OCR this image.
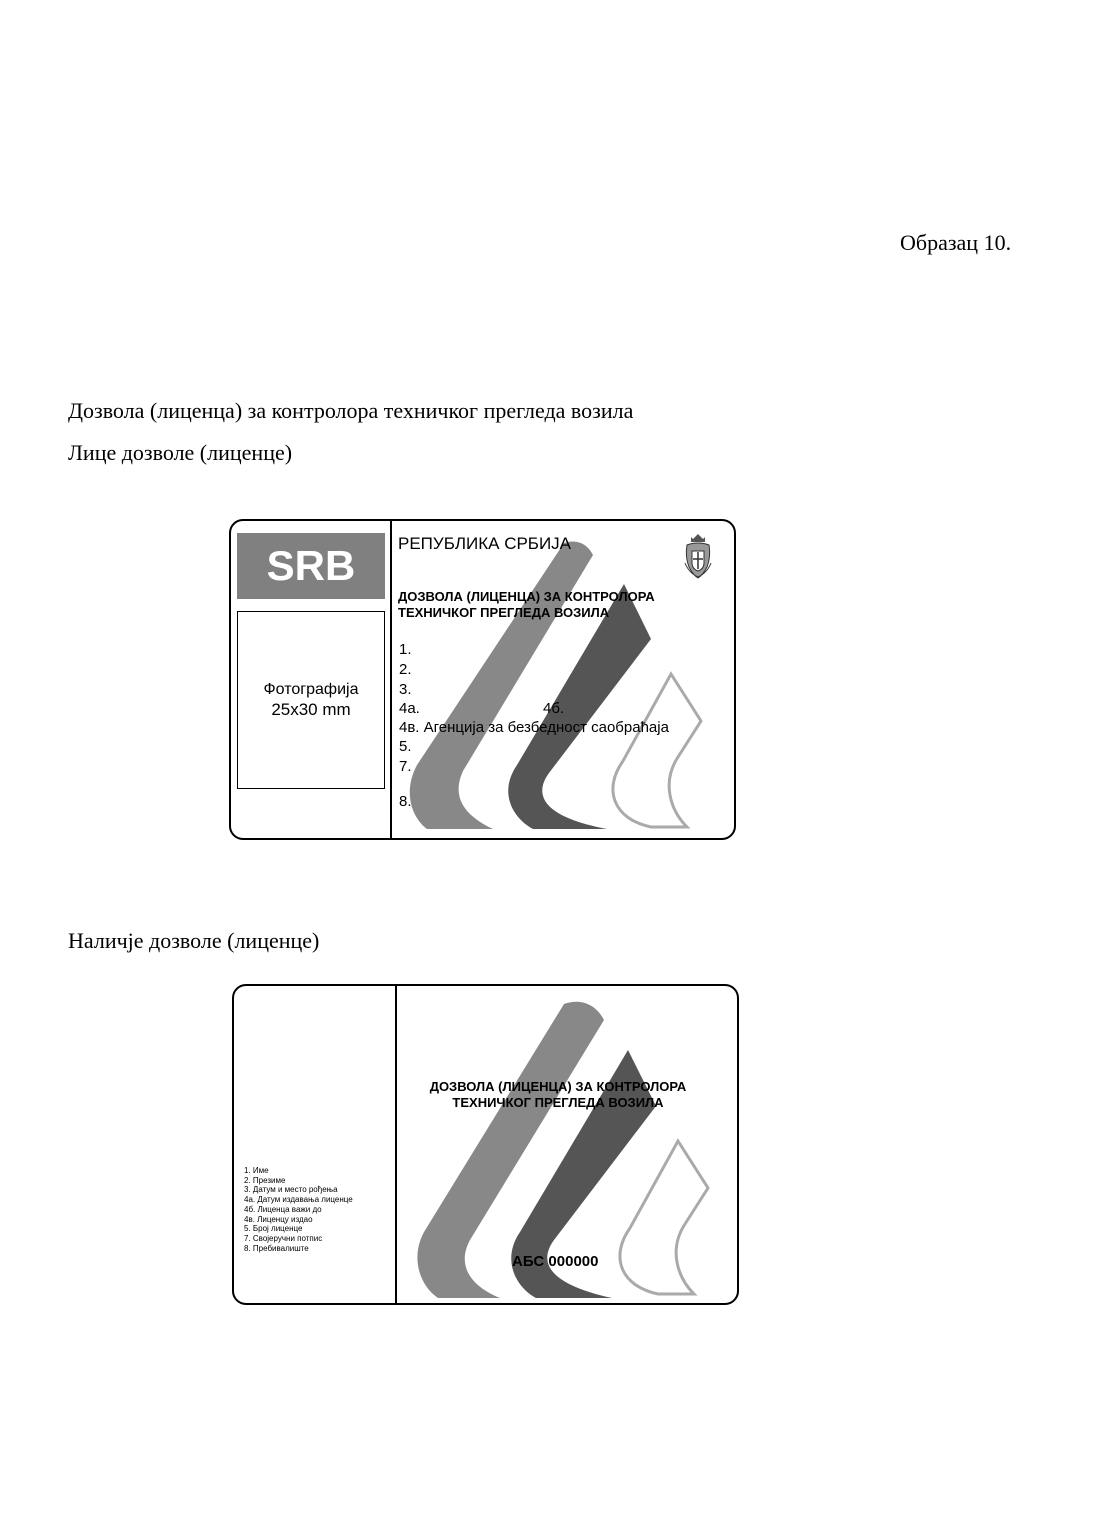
Образац 10.
Дозвола (лиценца) за контролора техничког прегледа возила
Лице дозволе (лиценце)
SRB
Фотографија
25x30 mm
РЕПУБЛИКА СРБИЈА
ДОЗВОЛА (ЛИЦЕНЦА) ЗА КОНТРОЛОРА
ТЕХНИЧКОГ ПРЕГЛЕДА ВОЗИЛА
1.
2.
3.
4а.	4б.
4в. Агенција за безбедност саобраћаја
5.
7.
8.
Наличје дозволе (лиценце)
ДОЗВОЛА (ЛИЦЕНЦА) ЗА КОНТРОЛОРА
ТЕХНИЧКОГ ПРЕГЛЕДА ВОЗИЛА
1. Име
2. Презиме
3. Датум и место рођења
4а. Датум издавања лиценце
4б. Лиценца важи до
4в. Лиценцу издао
5. Број лиценце
7. Својеручни потпис
8. Пребивалиште
АБС 000000
